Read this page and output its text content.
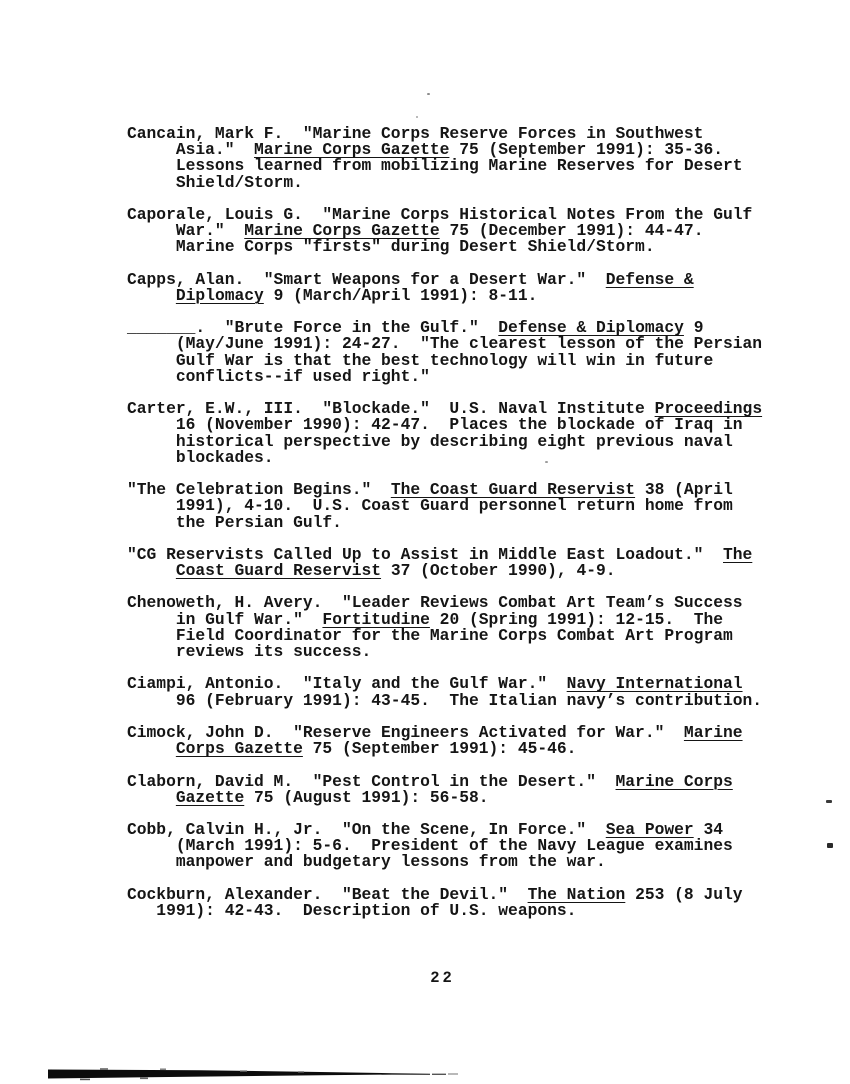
Cancain, Mark F.  "Marine Corps Reserve Forces in Southwest
Asia."  Marine Corps Gazette 75 (September 1991): 35-36.
Lessons learned from mobilizing Marine Reserves for Desert
Shield/Storm.
Caporale, Louis G.  "Marine Corps Historical Notes From the Gulf
War."  Marine Corps Gazette 75 (December 1991): 44-47.
Marine Corps "firsts" during Desert Shield/Storm.
Capps, Alan.  "Smart Weapons for a Desert War."  Defense &
Diplomacy 9 (March/April 1991): 8-11.
_______.  "Brute Force in the Gulf."  Defense & Diplomacy 9
(May/June 1991): 24-27.  "The clearest lesson of the Persian
Gulf War is that the best technology will win in future
conflicts--if used right."
Carter, E.W., III.  "Blockade."  U.S. Naval Institute Proceedings
16 (November 1990): 42-47.  Places the blockade of Iraq in
historical perspective by describing eight previous naval
blockades.
"The Celebration Begins."  The Coast Guard Reservist 38 (April
1991), 4-10.  U.S. Coast Guard personnel return home from
the Persian Gulf.
"CG Reservists Called Up to Assist in Middle East Loadout."  The
Coast Guard Reservist 37 (October 1990), 4-9.
Chenoweth, H. Avery.  "Leader Reviews Combat Art Team’s Success
in Gulf War."  Fortitudine 20 (Spring 1991): 12-15.  The
Field Coordinator for the Marine Corps Combat Art Program
reviews its success.
Ciampi, Antonio.  "Italy and the Gulf War."  Navy International
96 (February 1991): 43-45.  The Italian navy’s contribution.
Cimock, John D.  "Reserve Engineers Activated for War."  Marine
Corps Gazette 75 (September 1991): 45-46.
Claborn, David M.  "Pest Control in the Desert."  Marine Corps
Gazette 75 (August 1991): 56-58.
Cobb, Calvin H., Jr.  "On the Scene, In Force."  Sea Power 34
(March 1991): 5-6.  President of the Navy League examines
manpower and budgetary lessons from the war.
Cockburn, Alexander.  "Beat the Devil."  The Nation 253 (8 July
1991): 42-43.  Description of U.S. weapons.
22
